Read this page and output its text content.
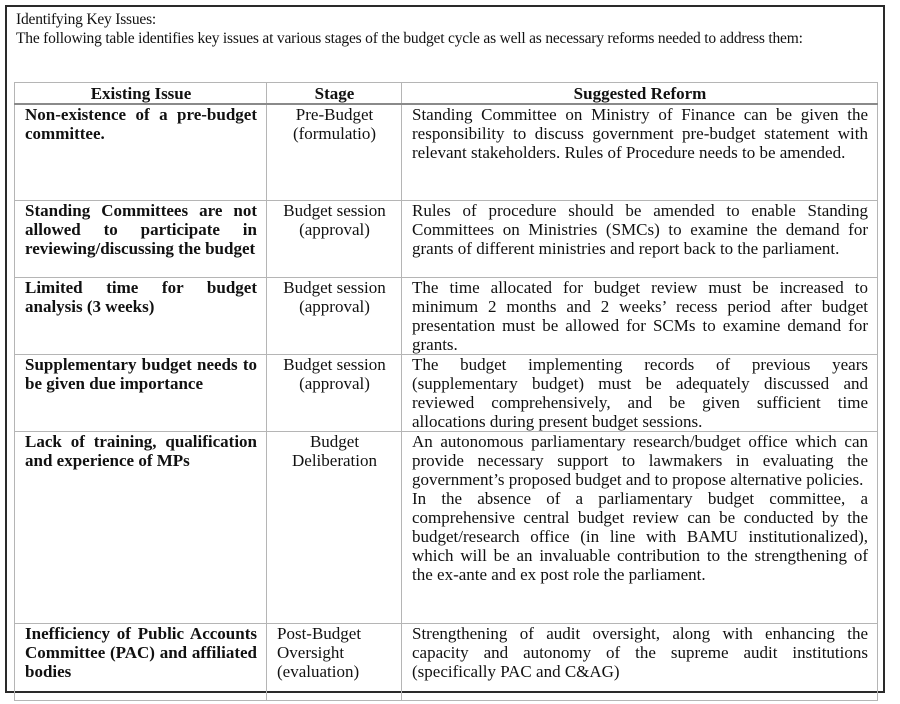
Identifying Key Issues:
The following table identifies key issues at various stages of the budget cycle as well as necessary reforms needed to address them:
Existing Issue	Stage	Suggested Reform
Non-existence of a pre-budget committee.	Pre-Budget (formulatio)	Standing Committee on Ministry of Finance can be given the responsibility to discuss government pre-budget statement with relevant stakeholders. Rules of Procedure needs to be amended.

Standing Committees are not allowed to participate in reviewing/discussing the budget	Budget session (approval)	Rules of procedure should be amended to enable Standing Committees on Ministries (SMCs) to examine the demand for grants of different ministries and report back to the parliament.

Limited time for budget analysis (3 weeks)	Budget session (approval)	The time allocated for budget review must be increased to minimum 2 months and 2 weeks’ recess period after budget presentation must be allowed for SCMs to examine demand for grants.

Supplementary budget needs to be given due importance	Budget session (approval)	The budget implementing records of previous years (supplementary budget) must be adequately discussed and reviewed comprehensively, and be given sufficient time allocations during present budget sessions.

Lack of training, qualification and experience of MPs	Budget Deliberation	An autonomous parliamentary research/budget office which can provide necessary support to lawmakers in evaluating the government’s proposed budget and to propose alternative policies.
In the absence of a parliamentary budget committee, a comprehensive central budget review can be conducted by the budget/research office (in line with BAMU institutionalized), which will be an invaluable contribution to the strengthening of the ex-ante and ex post role the parliament.

Inefficiency of Public Accounts Committee (PAC) and affiliated bodies	Post-Budget Oversight (evaluation)	Strengthening of audit oversight, along with enhancing the capacity and autonomy of the supreme audit institutions (specifically PAC and C&AG)
